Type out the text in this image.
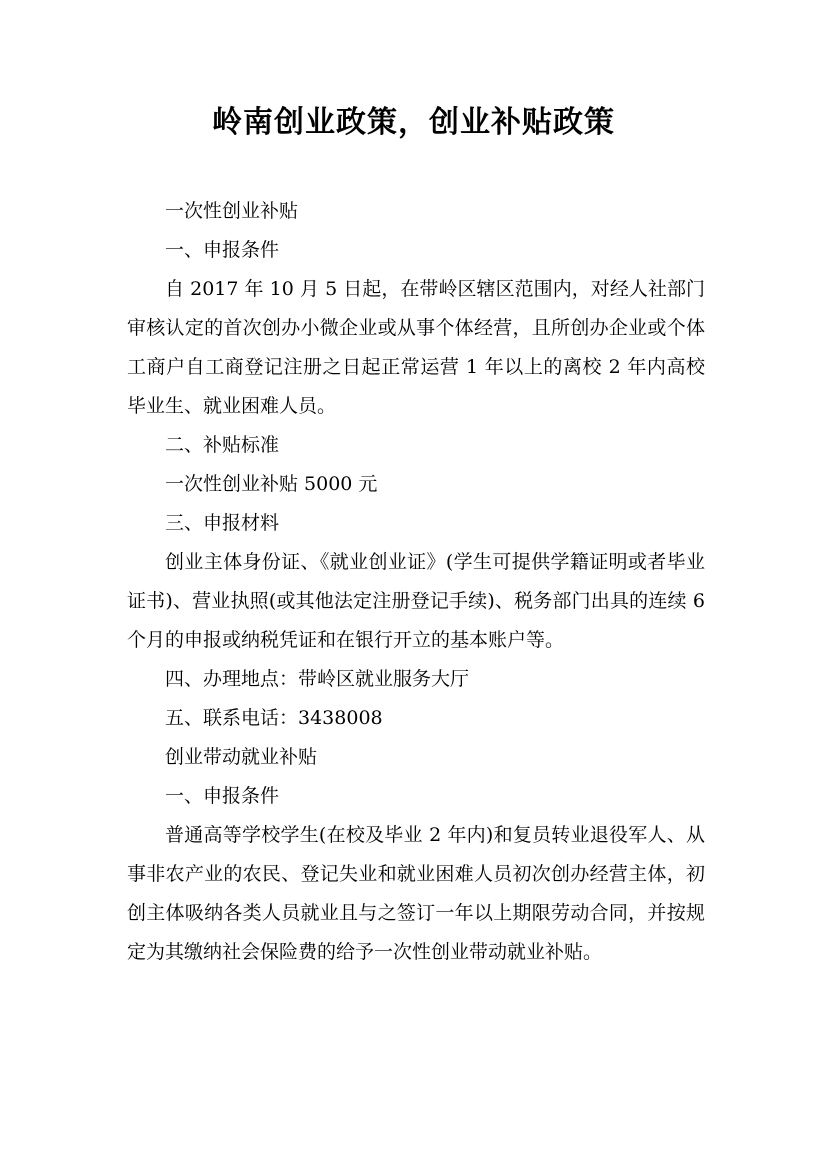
岭南创业政策，创业补贴政策

一次性创业补贴

一、申报条件

自 2017 年 10 月 5 日起，在带岭区辖区范围内，对经人社部门审核认定的首次创办小微企业或从事个体经营，且所创办企业或个体工商户自工商登记注册之日起正常运营 1 年以上的离校 2 年内高校毕业生、就业困难人员。

二、补贴标准

一次性创业补贴 5000 元

三、申报材料

创业主体身份证、《就业创业证》(学生可提供学籍证明或者毕业证书)、营业执照(或其他法定注册登记手续)、税务部门出具的连续 6 个月的申报或纳税凭证和在银行开立的基本账户等。

四、办理地点：带岭区就业服务大厅

五、联系电话：3438008

创业带动就业补贴

一、申报条件

普通高等学校学生(在校及毕业 2 年内)和复员转业退役军人、从事非农产业的农民、登记失业和就业困难人员初次创办经营主体，初创主体吸纳各类人员就业且与之签订一年以上期限劳动合同，并按规定为其缴纳社会保险费的给予一次性创业带动就业补贴。
